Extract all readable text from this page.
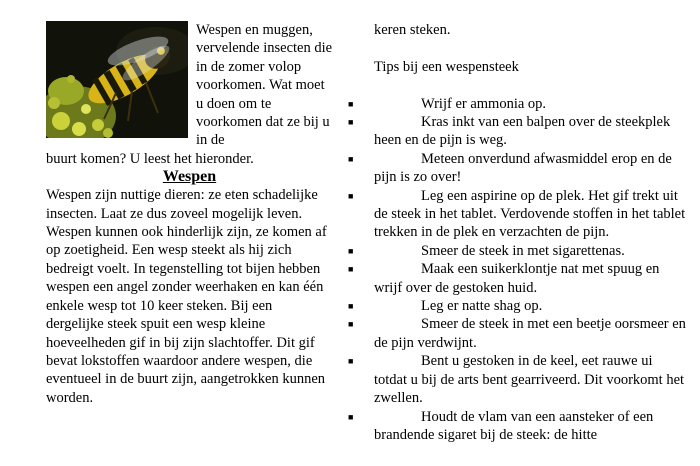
Wespen en muggen, vervelende insecten die in de zomer volop voorkomen. Wat moet u doen om te voorkomen dat ze bij u in de

buurt komen? U leest het hieronder.

Wespen

Wespen zijn nuttige dieren: ze eten schadelijke insecten. Laat ze dus zoveel mogelijk leven. Wespen kunnen ook hinderlijk zijn, ze komen af op zoetigheid. Een wesp steekt als hij zich bedreigt voelt. In tegenstelling tot bijen hebben wespen een angel zonder weerhaken en kan één enkele wesp tot 10 keer steken. Bij een dergelijke steek spuit een wesp kleine hoeveelheden gif in bij zijn slachtoffer. Dit gif bevat lokstoffen waardoor andere wespen, die eventueel in de buurt zijn, aangetrokken kunnen worden.

keren steken.

Tips bij een wespensteek

■	Wrijf er ammonia op.
■	Kras inkt van een balpen over de steekplek heen en de pijn is weg.
■	Meteen onverdund afwasmiddel erop en de pijn is zo over!
■	Leg een aspirine op de plek. Het gif trekt uit de steek in het tablet. Verdovende stoffen in het tablet trekken in de plek en verzachten de pijn.
■	Smeer de steek in met sigarettenas.
■	Maak een suikerklontje nat met spuug en wrijf over de gestoken huid.
■	Leg er natte shag op.
■	Smeer de steek in met een beetje oorsmeer en de pijn verdwijnt.
■	Bent u gestoken in de keel, eet rauwe ui totdat u bij de arts bent gearriveerd. Dit voorkomt het zwellen.
■	Houdt de vlam van een aansteker of een brandende sigaret bij de steek: de hitte
